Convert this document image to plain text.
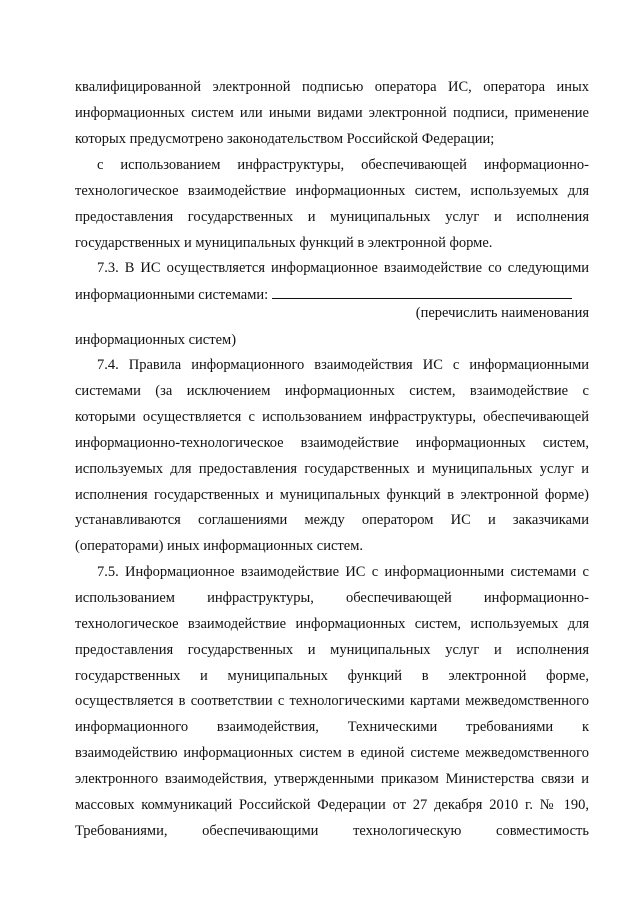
квалифицированной электронной подписью оператора ИС, оператора иных
информационных систем или иными видами электронной подписи, применение
которых предусмотрено законодательством Российской Федерации;
с использованием инфраструктуры, обеспечивающей информационно-
технологическое взаимодействие информационных систем, используемых для
предоставления государственных и муниципальных услуг и исполнения
государственных и муниципальных функций в электронной форме.
7.3. В ИС осуществляется информационное взаимодействие со следующими
информационными системами:
(перечислить наименования
информационных систем)
7.4. Правила информационного взаимодействия ИС с информационными
системами (за исключением информационных систем, взаимодействие с
которыми осуществляется с использованием инфраструктуры, обеспечивающей
информационно-технологическое взаимодействие информационных систем,
используемых для предоставления государственных и муниципальных услуг и
исполнения государственных и муниципальных функций в электронной форме)
устанавливаются соглашениями между оператором ИС и заказчиками
(операторами) иных информационных систем.
7.5. Информационное взаимодействие ИС с информационными системами с
использованием инфраструктуры, обеспечивающей информационно-
технологическое взаимодействие информационных систем, используемых для
предоставления государственных и муниципальных услуг и исполнения
государственных и муниципальных функций в электронной форме,
осуществляется в соответствии с технологическими картами межведомственного
информационного взаимодействия, Техническими требованиями к
взаимодействию информационных систем в единой системе межведомственного
электронного взаимодействия, утвержденными приказом Министерства связи и
массовых коммуникаций Российской Федерации от 27 декабря 2010 г. № 190,
Требованиями, обеспечивающими технологическую совместимость
